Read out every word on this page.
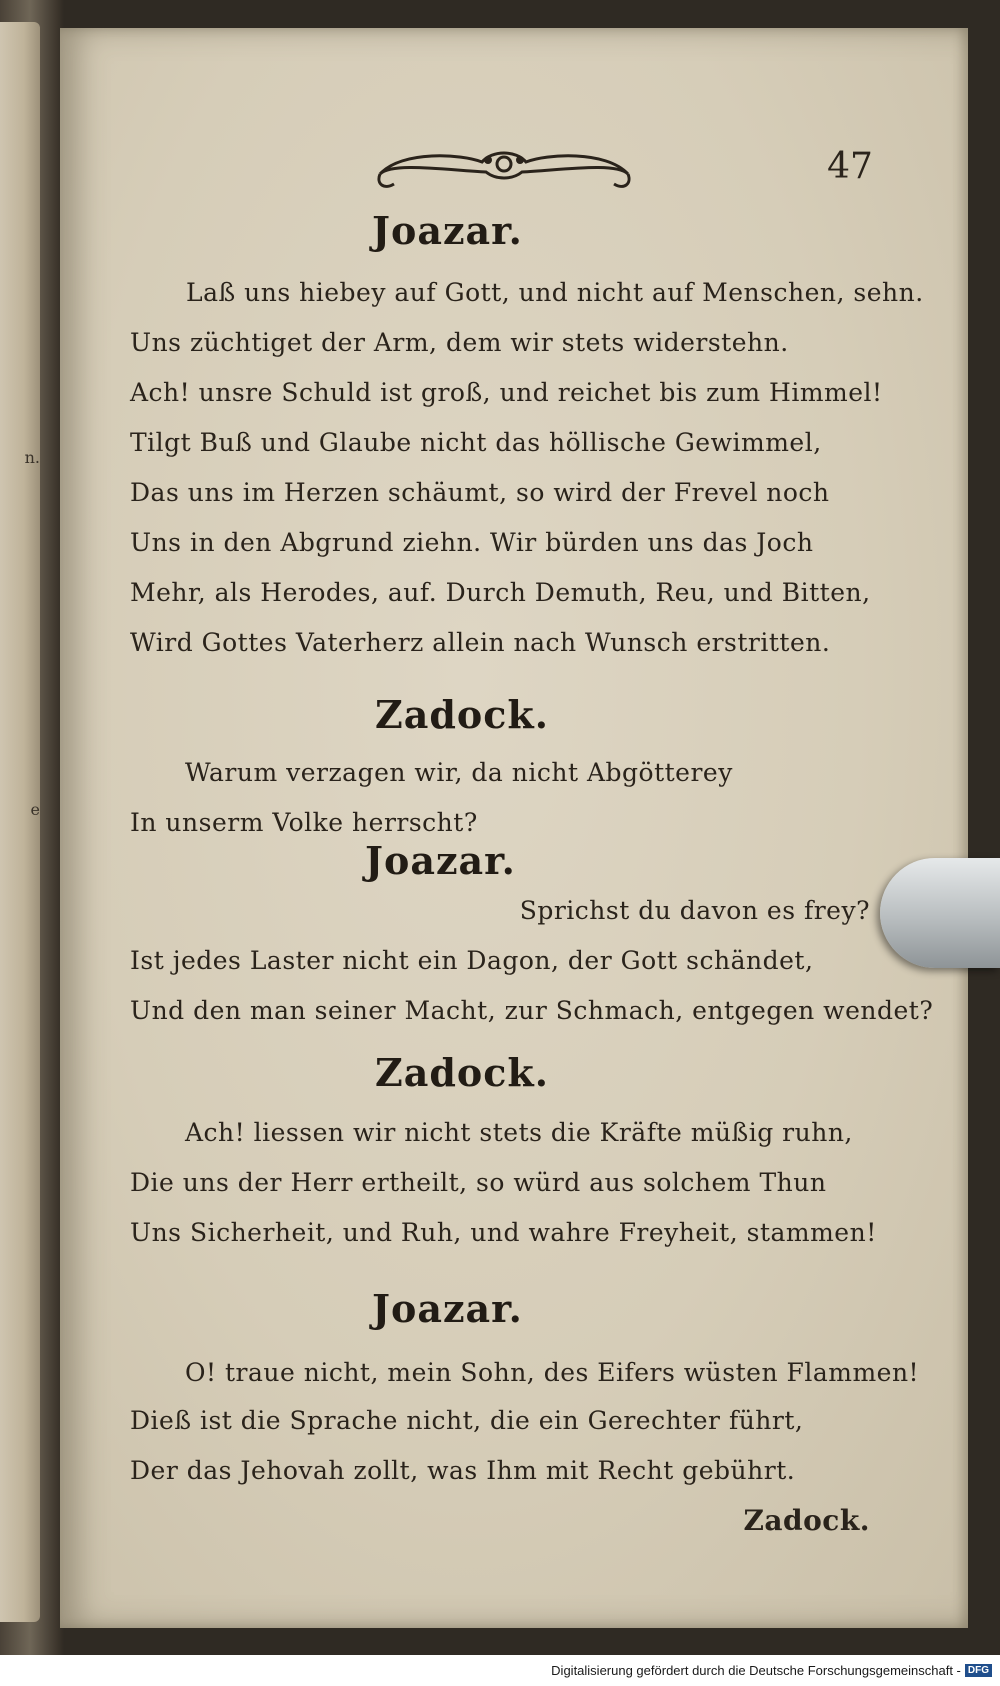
n.
e
47
Joazar.
Laß uns hiebey auf Gott, und nicht auf Menschen, sehn.
Uns züchtiget der Arm, dem wir stets widerstehn.
Ach! unsre Schuld ist groß, und reichet bis zum Himmel!
Tilgt Buß und Glaube nicht das höllische Gewimmel,
Das uns im Herzen schäumt, so wird der Frevel noch
Uns in den Abgrund ziehn. Wir bürden uns das Joch
Mehr, als Herodes, auf. Durch Demuth, Reu, und Bitten,
Wird Gottes Vaterherz allein nach Wunsch erstritten.
Zadock.
Warum verzagen wir, da nicht Abgötterey
In unserm Volke herrscht?
Joazar.
Sprichst du davon es frey?
Ist jedes Laster nicht ein Dagon, der Gott schändet,
Und den man seiner Macht, zur Schmach, entgegen wendet?
Zadock.
Ach! liessen wir nicht stets die Kräfte müßig ruhn,
Die uns der Herr ertheilt, so würd aus solchem Thun
Uns Sicherheit, und Ruh, und wahre Freyheit, stammen!
Joazar.
O! traue nicht, mein Sohn, des Eifers wüsten Flammen!
Dieß ist die Sprache nicht, die ein Gerechter führt,
Der das Jehovah zollt, was Ihm mit Recht gebührt.
Zadock.
Digitalisierung gefördert durch die Deutsche Forschungsgemeinschaft - DFG
